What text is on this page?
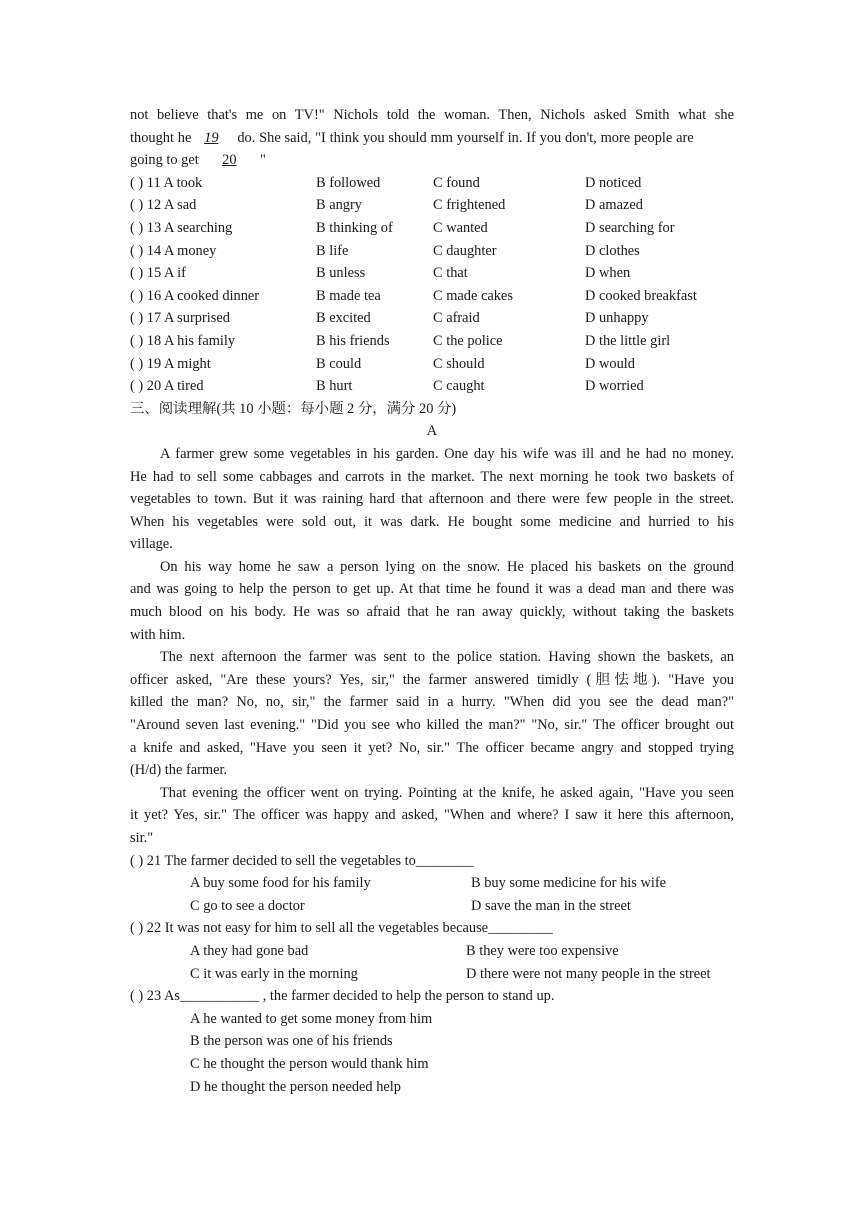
not believe that's me on TV!" Nichols told the woman. Then, Nichols asked Smith what she
thought he 19 do. She said, "I think you should mm yourself in. If you don't, more people are
going to get 20 "
( ) 11 A took	B followed	C found	D noticed
( ) 12 A sad	B angry	C frightened	D amazed
( ) 13 A searching	B thinking of	C wanted	D searching for
( ) 14 A money	B life	C daughter	D clothes
( ) 15 A if	B unless	C that	D when
( ) 16 A cooked dinner	B made tea	C made cakes	D cooked breakfast
( ) 17 A surprised	B excited	C afraid	D unhappy
( ) 18 A his family	B his friends	C the police	D the little girl
( ) 19 A might	B could	C should	D would
( ) 20 A tired	B hurt	C caught	D worried
三、阅读理解(共 10 小题：每小题 2 分，满分 20 分)
A
A farmer grew some vegetables in his garden. One day his wife was ill and he had no money.
He had to sell some cabbages and carrots in the market. The next morning he took two baskets of
vegetables to town. But it was raining hard that afternoon and there were few people in the street.
When his vegetables were sold out, it was dark. He bought some medicine and hurried to his
village.
On his way home he saw a person lying on the snow. He placed his baskets on the ground
and was going to help the person to get up. At that time he found it was a dead man and there was
much blood on his body. He was so afraid that he ran away quickly, without taking the baskets
with him.
The next afternoon the farmer was sent to the police station. Having shown the baskets, an
officer asked, "Are these yours? Yes, sir," the farmer answered timidly (胆怯地). "Have you
killed the man? No, no, sir," the farmer said in a hurry. "When did you see the dead man?"
"Around seven last evening." "Did you see who killed the man?" "No, sir." The officer brought out
a knife and asked, "Have you seen it yet? No, sir." The officer became angry and stopped trying
(H/d) the farmer.
That evening the officer went on trying. Pointing at the knife, he asked again, "Have you seen
it yet? Yes, sir." The officer was happy and asked, "When and where? I saw it here this afternoon,
sir."
( ) 21 The farmer decided to sell the vegetables to________
A buy some food for his family	B buy some medicine for his wife
C go to see a doctor	D save the man in the street
( ) 22 It was not easy for him to sell all the vegetables because_________
A they had gone bad	B they were too expensive
C it was early in the morning	D there were not many people in the street
( ) 23 As___________ , the farmer decided to help the person to stand up.
A he wanted to get some money from him
B the person was one of his friends
C he thought the person would thank him
D he thought the person needed help
